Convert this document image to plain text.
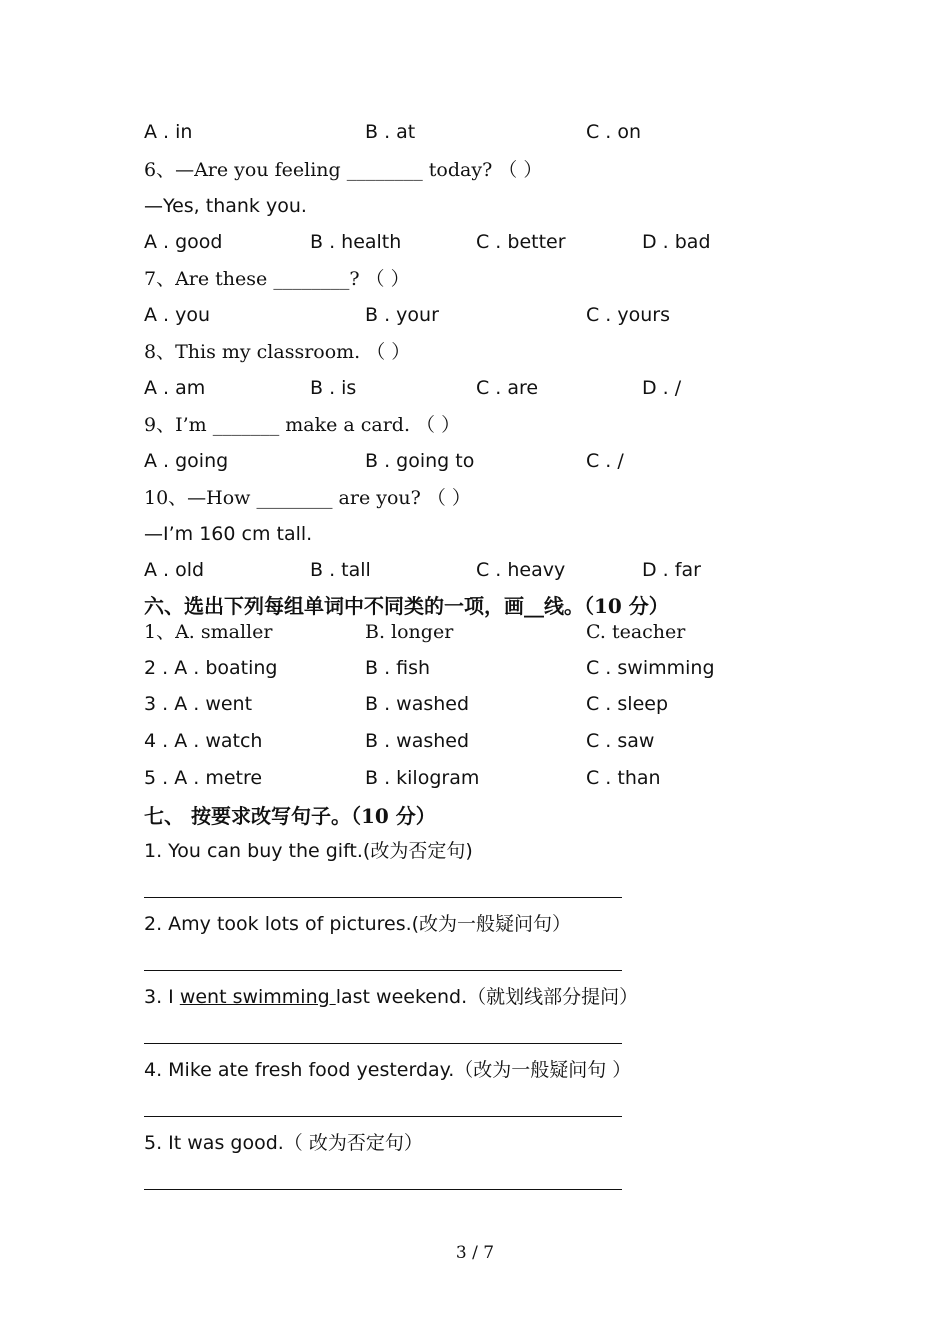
A . in	B . at	C . on
6、—Are you feeling ________ today? （ ）
—Yes, thank you.
A . good	B . health	C . better	D . bad
7、Are these ________? （ ）
A . you	B . your	C . yours
8、This my classroom. （ ）
A . am	B . is	C . are	D . /
9、I’m _______ make a card. （ ）
A . going	B . going to	C . /
10、—How ________ are you? （ ）
—I’m 160 cm tall.
A . old	B . tall	C . heavy	D . far
六、选出下列每组单词中不同类的一项，画__线。（10 分）
1、A. smaller	B. longer	C. teacher
2 . A . boating	B . fish	C . swimming
3 . A . went	B . washed	C . sleep
4 . A . watch	B . washed	C . saw
5 . A . metre	B . kilogram	C . than
七、 按要求改写句子。（10 分）
1. You can buy the gift.(改为否定句)
2. Amy took lots of pictures.(改为一般疑问句）
3. I went swimming last weekend.（就划线部分提问）
4. Mike ate fresh food yesterday.（改为一般疑问句 ）
5. It was good.（ 改为否定句）
3 / 7
